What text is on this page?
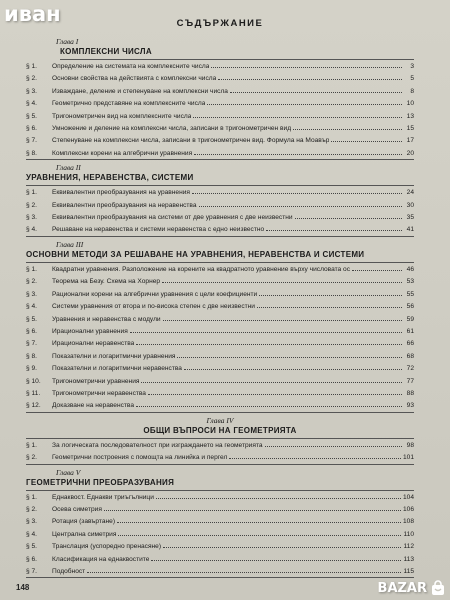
СЪДЪРЖАНИЕ
Глава I
КОМПЛЕКСНИ ЧИСЛА
§ 1.	Определение на системата на комплексните числа	3
§ 2.	Основни свойства на действията с комплексни числа	5
§ 3.	Изваждане, деление и степенуване на комплексни числа	8
§ 4.	Геометрично представяне на комплексните числа	10
§ 5.	Тригонометричен вид на комплексните числа	13
§ 6.	Умножение и деление на комплексни числа, записани в тригонометричен вид	15
§ 7.	Степенуване на комплексни числа, записани в тригонометричен вид. Формула на Моавър	17
§ 8.	Комплексни корени на алгебрични уравнения	20
Глава II
УРАВНЕНИЯ, НЕРАВЕНСТВА, СИСТЕМИ
§ 1.	Еквивалентни преобразувания на уравнения	24
§ 2.	Еквивалентни преобразувания на неравенства	30
§ 3.	Еквивалентни преобразувания на системи от две уравнения с две неизвестни	35
§ 4.	Решаване на неравенства и системи неравенства с едно неизвестно	41
Глава III
ОСНОВНИ МЕТОДИ ЗА РЕШАВАНЕ НА УРАВНЕНИЯ, НЕРАВЕНСТВА И СИСТЕМИ
§ 1.	Квадратни уравнения. Разположение на корените на квадратното уравнение върху числовата ос	46
§ 2.	Теорема на Безу. Схема на Хорнер	53
§ 3.	Рационални корени на алгебрични уравнения с цели коефициенти	55
§ 4.	Системи уравнения от втора и по-висока степен с две неизвестни	56
§ 5.	Уравнения и неравенства с модули	59
§ 6.	Ирационални уравнения	61
§ 7.	Ирационални неравенства	66
§ 8.	Показателни и логаритмични уравнения	68
§ 9.	Показателни и логаритмични неравенства	72
§ 10.	Тригонометрични уравнения	77
§ 11.	Тригонометрични неравенства	88
§ 12.	Доказване на неравенства	93
Глава IV
ОБЩИ ВЪПРОСИ НА ГЕОМЕТРИЯТА
§ 1.	За логическата последователност при изграждането на геометрията	98
§ 2.	Геометрични построения с помощта на линийка и пергел	101
Глава V
ГЕОМЕТРИЧНИ ПРЕОБРАЗУВАНИЯ
§ 1.	Еднаквост. Еднакви триъгълници	104
§ 2.	Осева симетрия	106
§ 3.	Ротация (завъртане)	108
§ 4.	Централна симетрия	110
§ 5.	Транслация (успоредно пренасяне)	112
§ 6.	Класификация на еднаквостите	113
§ 7.	Подобност	115
148
иван
BAZAR
